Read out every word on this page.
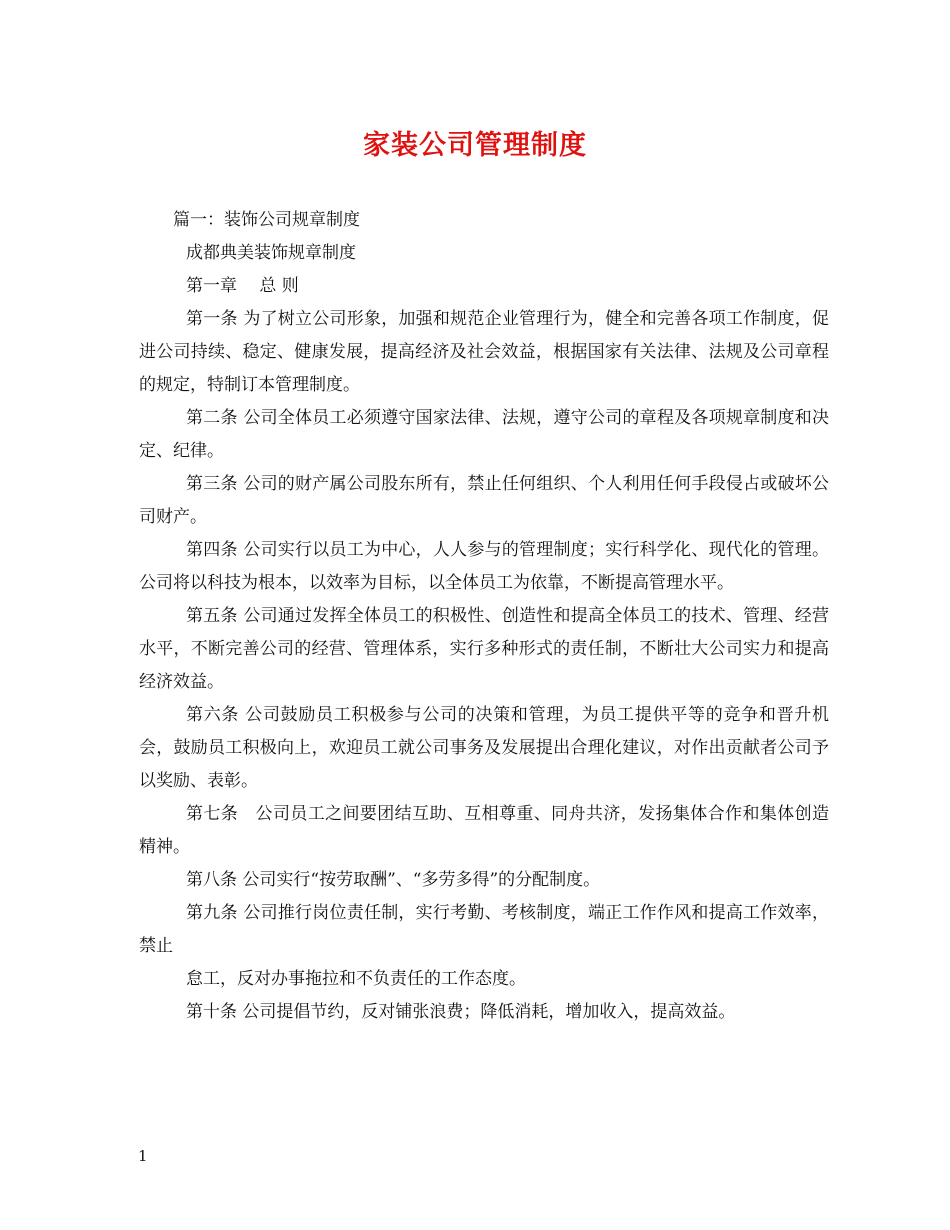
家装公司管理制度

篇一：装饰公司规章制度

成都典美装饰规章制度

第一章　 总 则

第一条 为了树立公司形象，加强和规范企业管理行为，健全和完善各项工作制度，促进公司持续、稳定、健康发展，提高经济及社会效益，根据国家有关法律、法规及公司章程的规定，特制订本管理制度。

第二条 公司全体员工必须遵守国家法律、法规，遵守公司的章程及各项规章制度和决定、纪律。

第三条 公司的财产属公司股东所有，禁止任何组织、个人利用任何手段侵占或破坏公司财产。

第四条 公司实行以员工为中心，人人参与的管理制度；实行科学化、现代化的管理。公司将以科技为根本，以效率为目标，以全体员工为依靠，不断提高管理水平。

第五条 公司通过发挥全体员工的积极性、创造性和提高全体员工的技术、管理、经营水平，不断完善公司的经营、管理体系，实行多种形式的责任制，不断壮大公司实力和提高经济效益。

第六条 公司鼓励员工积极参与公司的决策和管理，为员工提供平等的竞争和晋升机会，鼓励员工积极向上，欢迎员工就公司事务及发展提出合理化建议，对作出贡献者公司予以奖励、表彰。

第七条　公司员工之间要团结互助、互相尊重、同舟共济，发扬集体合作和集体创造精神。

第八条 公司实行“按劳取酬”、“多劳多得”的分配制度。

第九条 公司推行岗位责任制，实行考勤、考核制度，端正工作作风和提高工作效率，禁止

怠工，反对办事拖拉和不负责任的工作态度。

第十条 公司提倡节约，反对铺张浪费；降低消耗，增加收入，提高效益。

1
